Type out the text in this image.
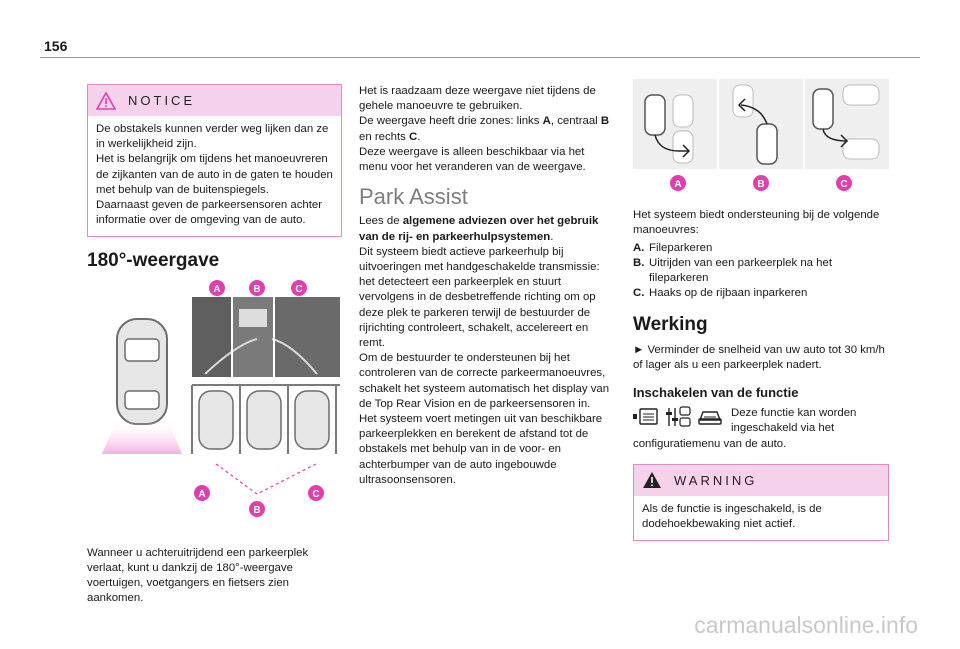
156
NOTICE

De obstakels kunnen verder weg lijken dan ze in werkelijkheid zijn.

Het is belangrijk om tijdens het manoeuvreren de zijkanten van de auto in de gaten te houden met behulp van de buitenspiegels.

Daarnaast geven de parkeersensoren achter informatie over de omgeving van de auto.

180°-weergave
A	B	C
A
B
C

Wanneer u achteruitrijdend een parkeerplek verlaat, kunt u dankzij de 180°-weergave voertuigen, voetgangers en fietsers zien aankomen.

Het is raadzaam deze weergave niet tijdens de gehele manoeuvre te gebruiken.

De weergave heeft drie zones: links A, centraal B en rechts C.

Deze weergave is alleen beschikbaar via het menu voor het veranderen van de weergave.

Park Assist

Lees de algemene adviezen over het gebruik van de rij- en parkeerhulpsystemen.

Dit systeem biedt actieve parkeerhulp bij uitvoeringen met handgeschakelde transmissie: het detecteert een parkeerplek en stuurt vervolgens in de desbetreffende richting om op deze plek te parkeren terwijl de bestuurder de rijrichting controleert, schakelt, accelereert en remt.

Om de bestuurder te ondersteunen bij het controleren van de correcte parkeermanoeuvres, schakelt het systeem automatisch het display van de Top Rear Vision en de parkeersensoren in.

Het systeem voert metingen uit van beschikbare parkeerplekken en berekent de afstand tot de obstakels met behulp van in de voor- en achterbumper van de auto ingebouwde ultrasoonsensoren.

A	B	C

Het systeem biedt ondersteuning bij de volgende manoeuvres:

A. Fileparkeren
B. Uitrijden van een parkeerplek na het fileparkeren
C. Haaks op de rijbaan inparkeren
Werking

► Verminder de snelheid van uw auto tot 30 km/h of lager als u een parkeerplek nadert.

Inschakelen van de functie

Deze functie kan worden ingeschakeld via het

configuratiemenu van de auto.

WARNING

Als de functie is ingeschakeld, is de dodehoekbewaking niet actief.

carmanualsonline.info
